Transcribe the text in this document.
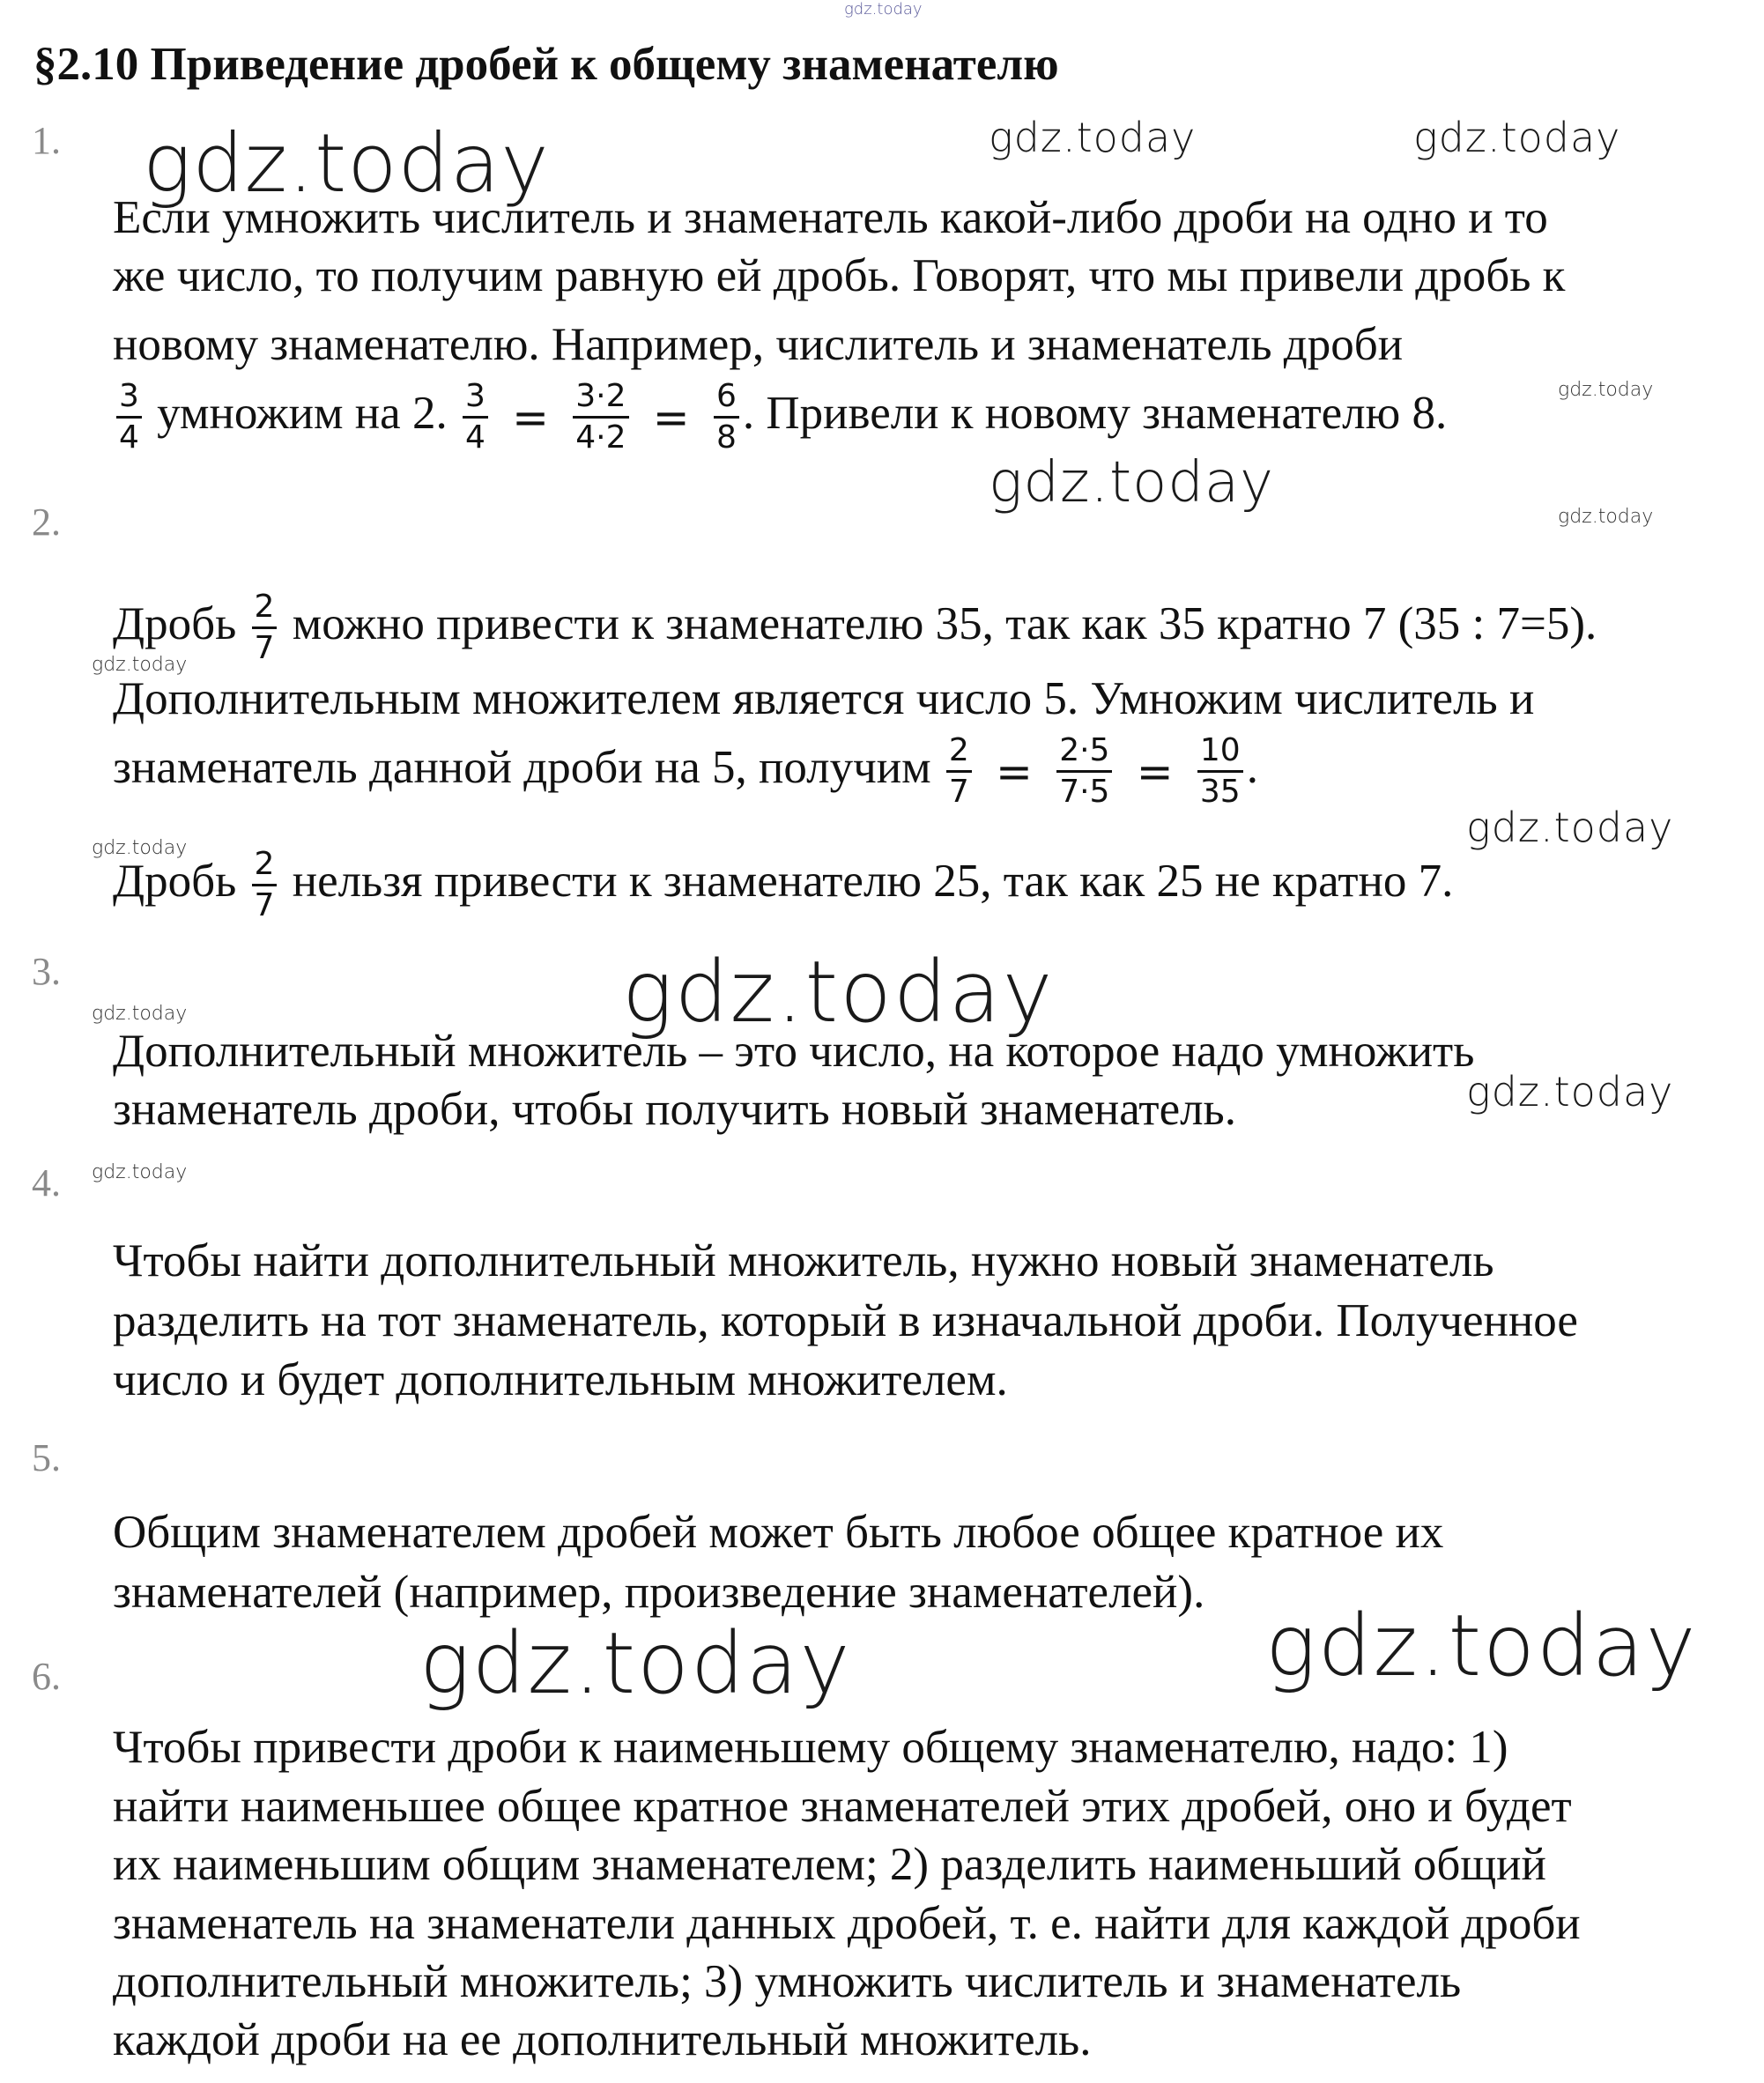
gdz.today
§2.10 Приведение дробей к общему знаменателю
1.
Если умножить числитель и знаменатель какой-либо дроби на одно и то
же число, то получим равную ей дробь. Говорят, что мы привели дробь к
новому знаменателю. Например, числитель и знаменатель дроби
$\frac{3}{4}$ умножим на 2. $\frac{3}{4} = \frac{3\cdot 2}{4\cdot 2} = \frac{6}{8}$ . Привели к новому знаменателю 8.
2.
Дробь $\frac{2}{7}$ можно привести к знаменателю 35, так как 35 кратно 7 (35 : 7=5).
Дополнительным множителем является число 5. Умножим числитель и
знаменатель данной дроби на 5, получим $\frac{2}{7} = \frac{2\cdot 5}{7\cdot 5} = \frac{10}{35}$ .
Дробь $\frac{2}{7}$ нельзя привести к знаменателю 25, так как 25 не кратно 7.
3.
Дополнительный множитель – это число, на которое надо умножить
знаменатель дроби, чтобы получить новый знаменатель.
4.
Чтобы найти дополнительный множитель, нужно новый знаменатель
разделить на тот знаменатель, который в изначальной дроби. Полученное
число и будет дополнительным множителем.
5.
Общим знаменателем дробей может быть любое общее кратное их
знаменателей (например, произведение знаменателей).
6.
Чтобы привести дроби к наименьшему общему знаменателю, надо: 1)
найти наименьшее общее кратное знаменателей этих дробей, оно и будет
их наименьшим общим знаменателем; 2) разделить наименьший общий
знаменатель на знаменатели данных дробей, т. е. найти для каждой дроби
дополнительный множитель; 3) умножить числитель и знаменатель
каждой дроби на ее дополнительный множитель.
gdz.today	gdz.today	gdz.today
gdz.today
gdz.today
gdz.today
gdz.today
gdz.today
gdz.today
gdz.today
gdz.today
gdz.today
gdz.today
gdz.today	gdz.today
